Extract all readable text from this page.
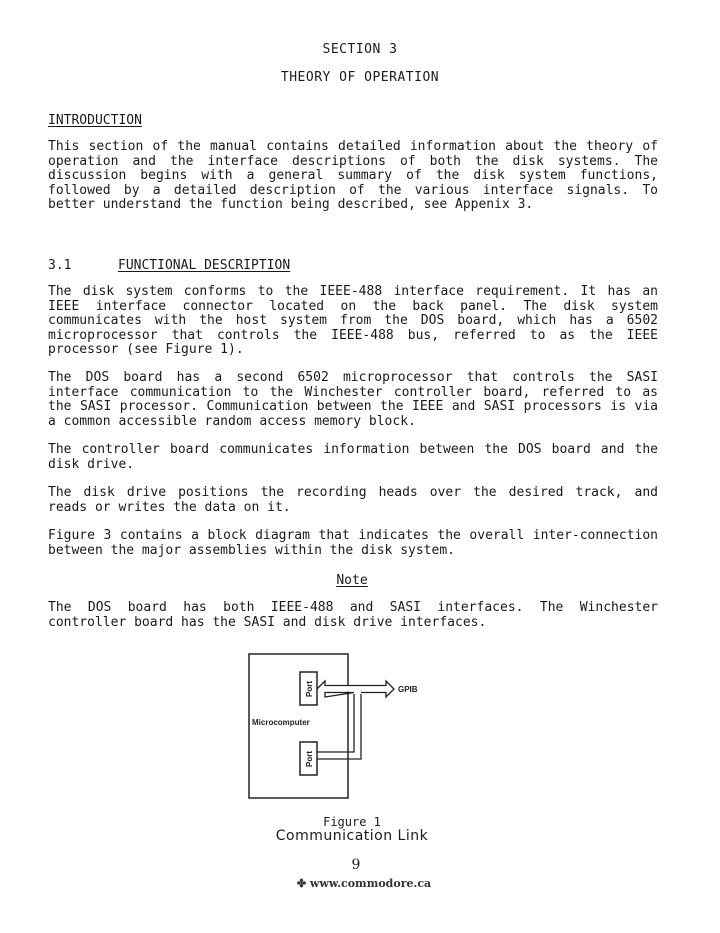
SECTION 3
THEORY OF OPERATION
INTRODUCTION
This section of the manual contains detailed information about the theory of operation and the interface descriptions of both the disk systems. The discussion begins with a general summary of the disk system functions, followed by a detailed description of the various interface signals. To better understand the function being described, see Appenix 3.
3.1	FUNCTIONAL DESCRIPTION
The disk system conforms to the IEEE-488 interface requirement. It has an IEEE interface connector located on the back panel. The disk system communicates with the host system from the DOS board, which has a 6502 microprocessor that controls the IEEE-488 bus, referred to as the IEEE processor (see Figure 1).
The DOS board has a second 6502 microprocessor that controls the SASI interface communication to the Winchester controller board, referred to as the SASI processor. Communication between the IEEE and SASI processors is via a common accessible random access memory block.
The controller board communicates information between the DOS board and the disk drive.
The disk drive positions the recording heads over the desired track, and reads or writes the data on it.
Figure 3 contains a block diagram that indicates the overall inter-connection between the major assemblies within the disk system.
Note
The DOS board has both IEEE-488 and SASI interfaces. The Winchester controller board has the SASI and disk drive interfaces.
Microcomputer
Port
Port
GPIB
Figure 1
Communication Link
9
✤ www.commodore.ca
